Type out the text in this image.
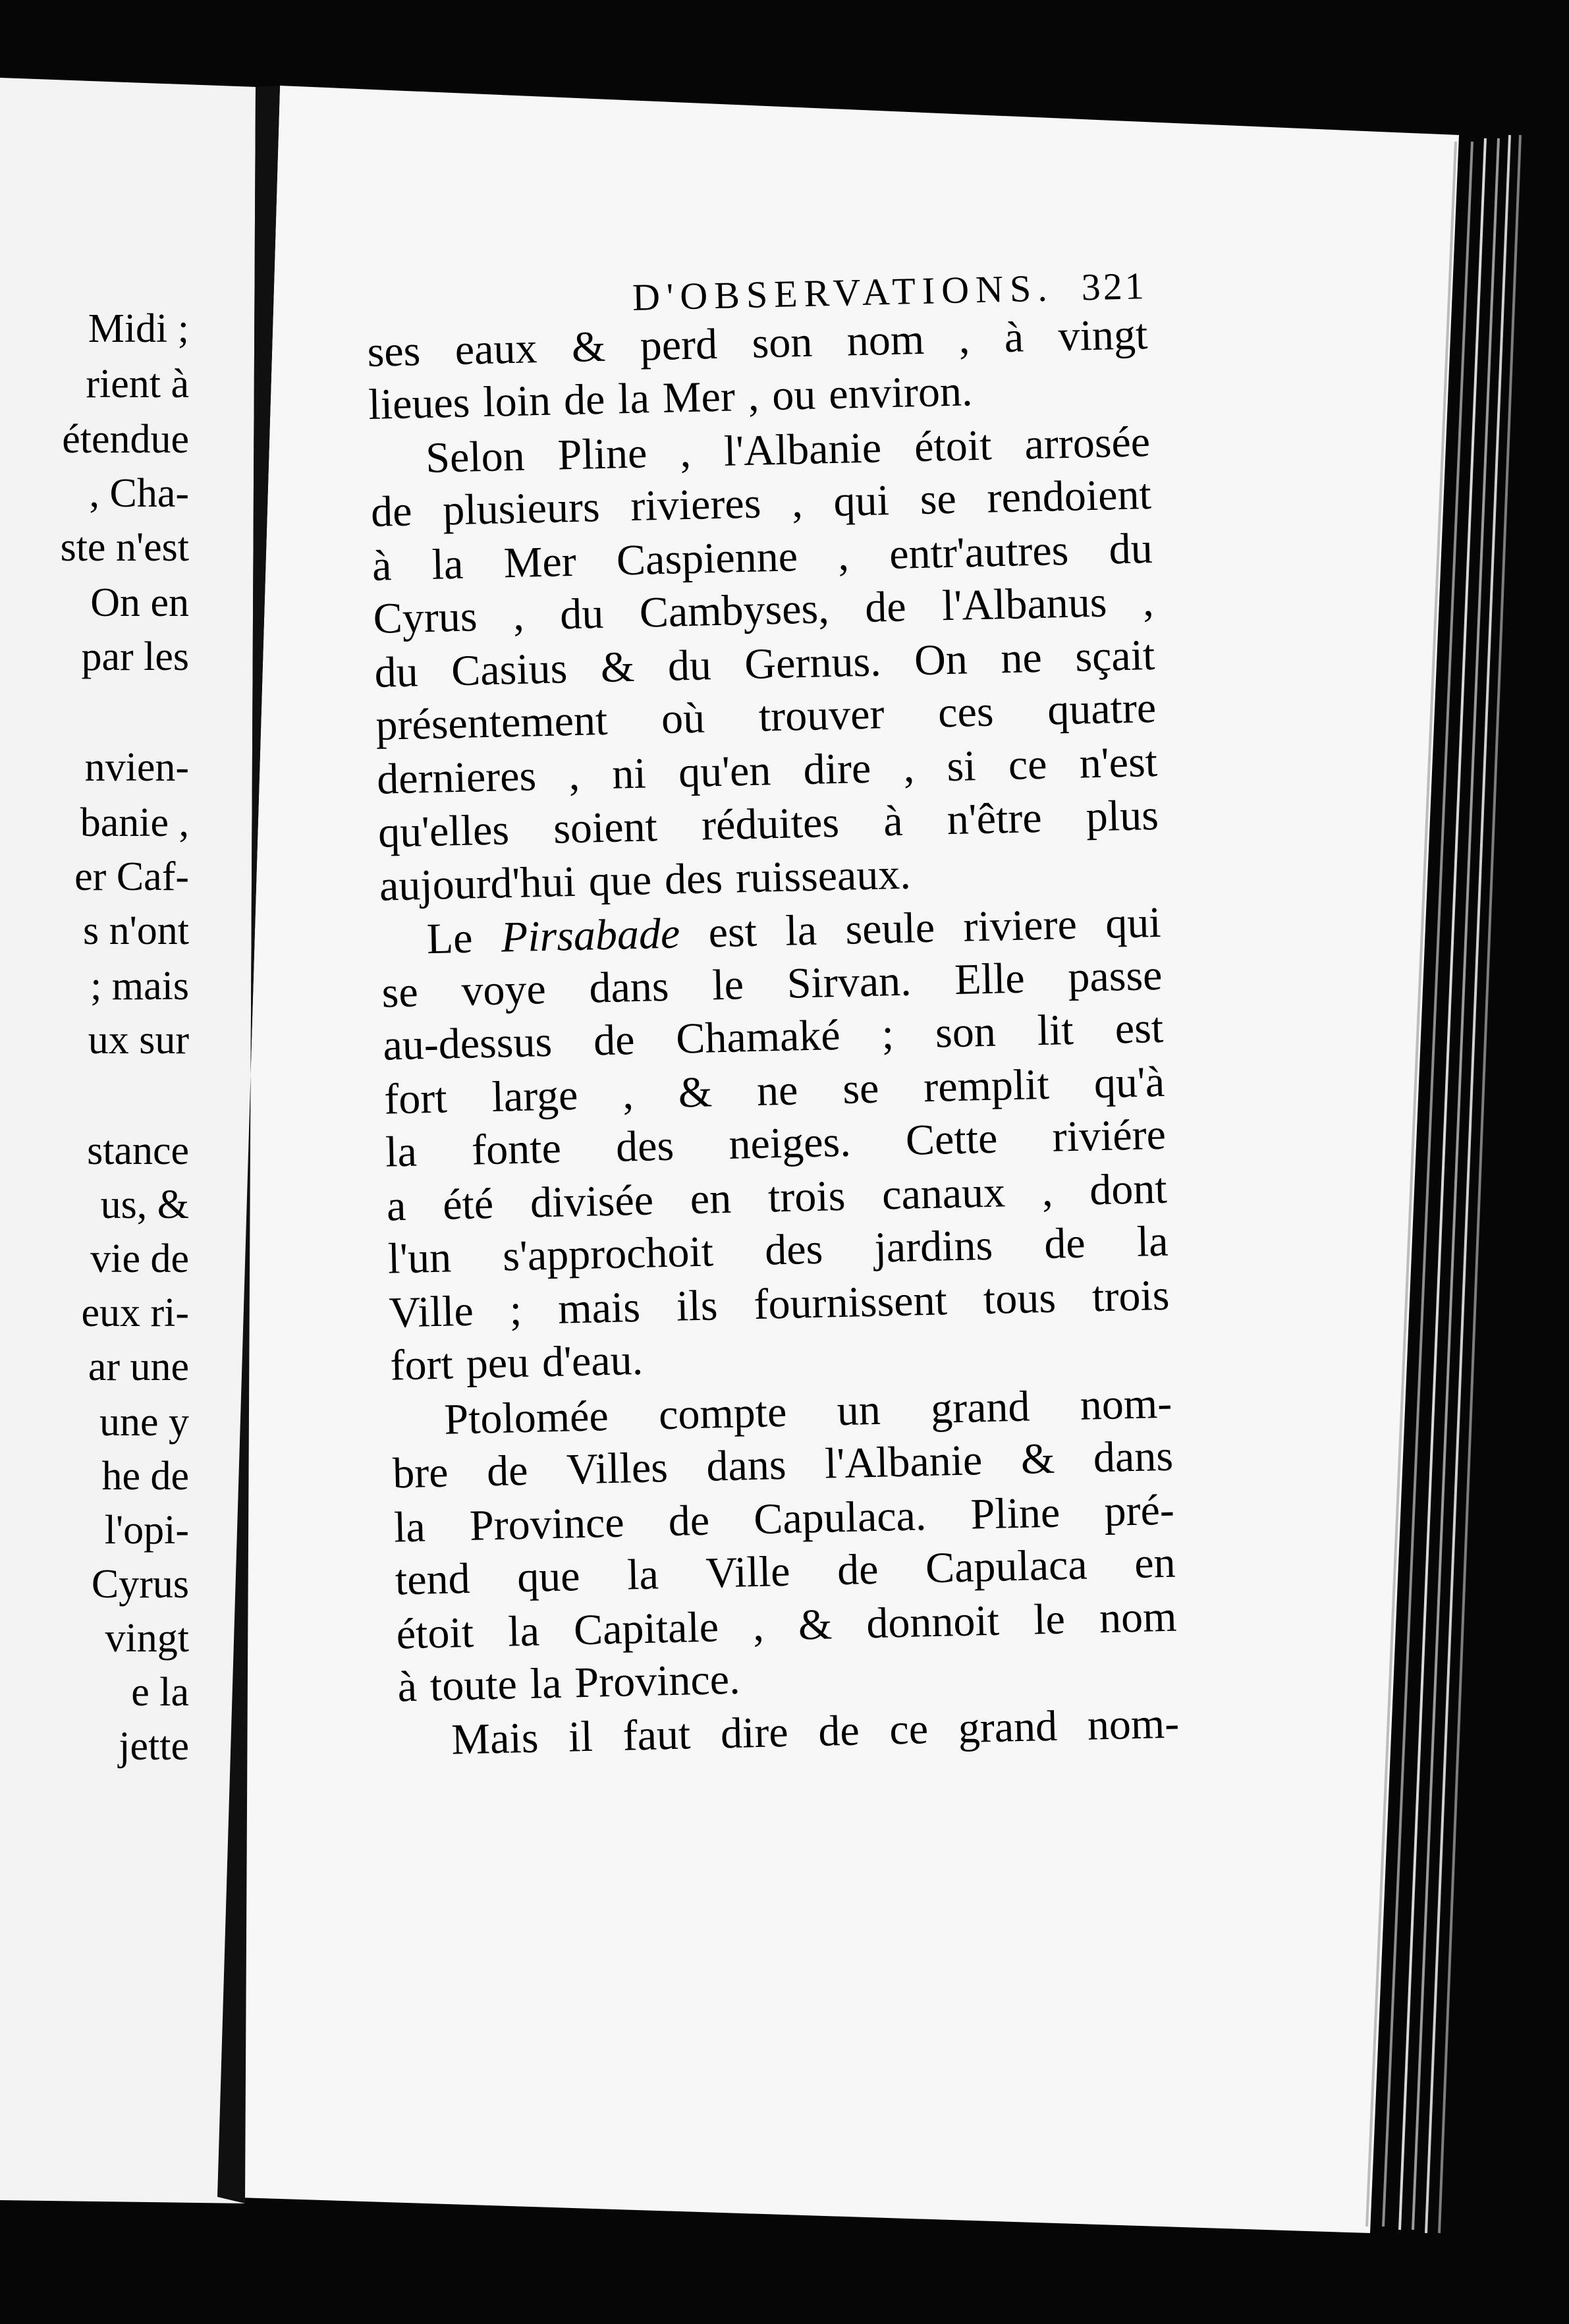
Midi ;
rient à
étendue
, Cha-
ste n'est
On en
par les
nvien-
banie ,
er Caf-
s n'ont
; mais
ux sur
stance
us, &
vie de
eux ri-
ar une
une y
he de
l'opi-
Cyrus
vingt
e la
jette
D'OBSERVATIONS. 321
ses eaux & perd son nom , à vingt
lieues loin de la Mer , ou environ.
Selon Pline , l'Albanie étoit arrosée
de plusieurs rivieres , qui se rendoient
à la Mer Caspienne , entr'autres du
Cyrus , du Cambyses, de l'Albanus ,
du Casius & du Gernus. On ne sçait
présentement où trouver ces quatre
dernieres , ni qu'en dire , si ce n'est
qu'elles soient réduites à n'être plus
aujourd'hui que des ruisseaux.
Le Pirsabade est la seule riviere qui
se voye dans le Sirvan. Elle passe
au-dessus de Chamaké ; son lit est
fort large , & ne se remplit qu'à
la fonte des neiges. Cette riviére
a été divisée en trois canaux , dont
l'un s'approchoit des jardins de la
Ville ; mais ils fournissent tous trois
fort peu d'eau.
Ptolomée compte un grand nom-
bre de Villes dans l'Albanie & dans
la Province de Capulaca. Pline pré-
tend que la Ville de Capulaca en
étoit la Capitale , & donnoit le nom
à toute la Province.
Mais il faut dire de ce grand nom-
